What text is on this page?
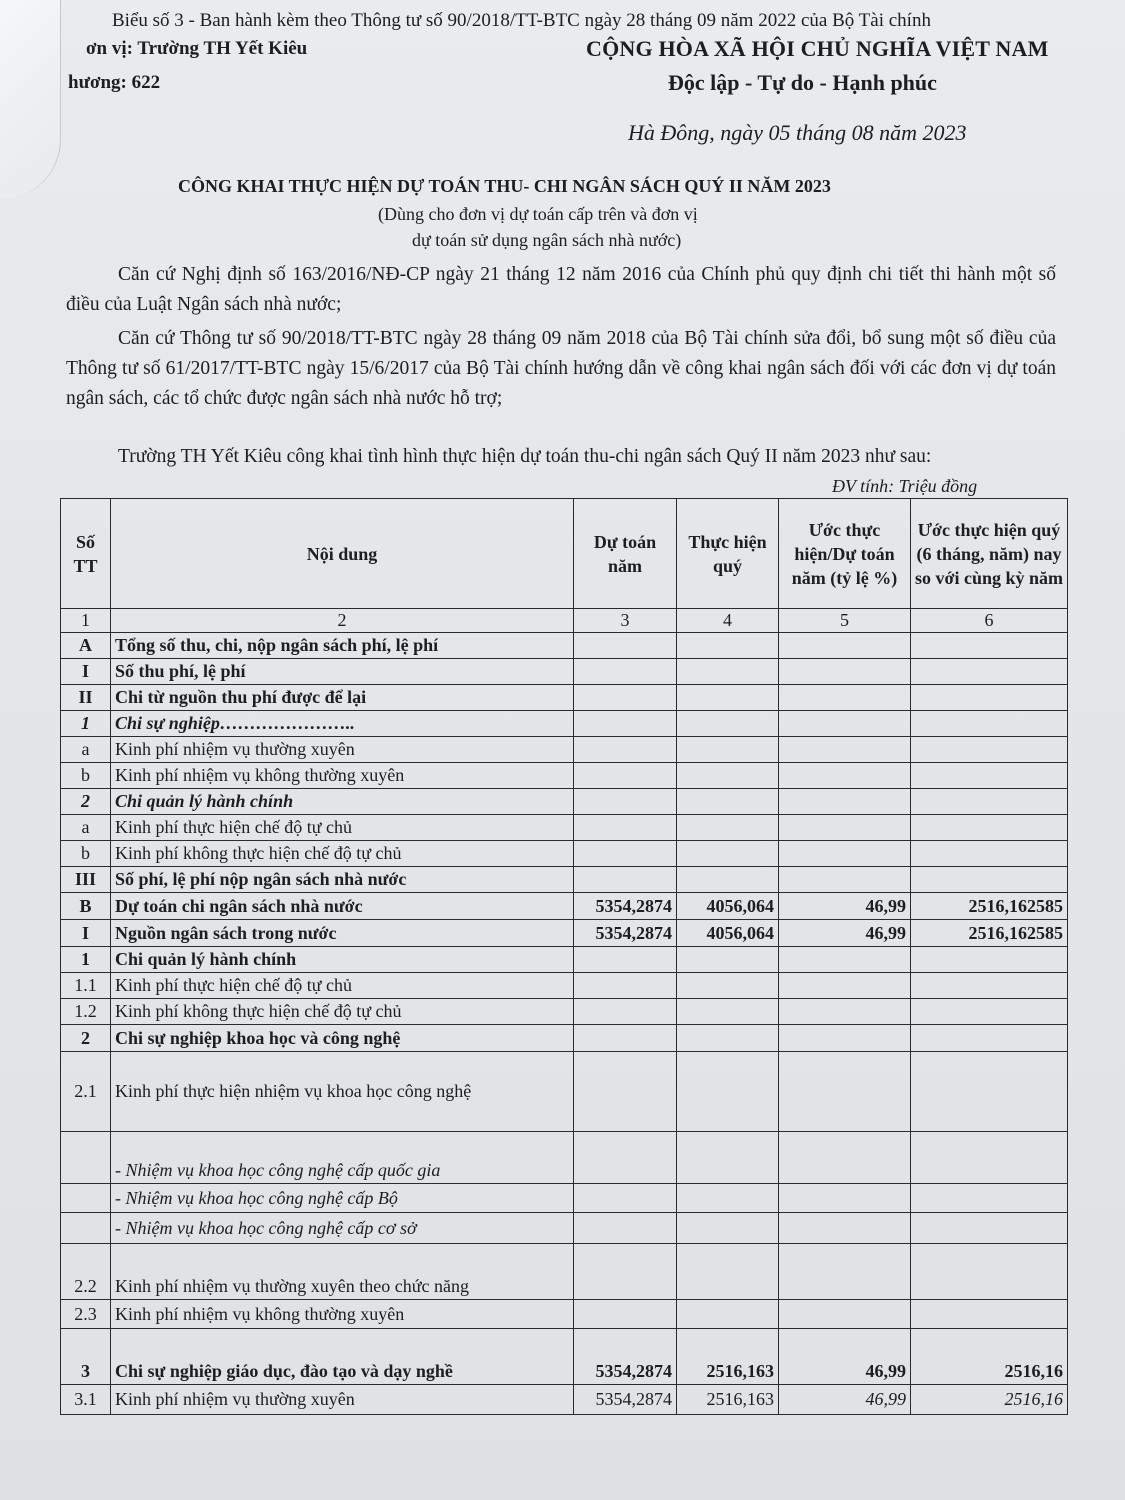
Biểu số 3 - Ban hành kèm theo Thông tư số 90/2018/TT-BTC ngày 28 tháng 09 năm 2022 của Bộ Tài chính
ơn vị: Trường TH Yết Kiêu
hương: 622
CỘNG HÒA XÃ HỘI CHỦ NGHĨA VIỆT NAM
Độc lập - Tự do - Hạnh phúc
Hà Đông, ngày 05 tháng 08 năm 2023
CÔNG KHAI THỰC HIỆN DỰ TOÁN THU- CHI NGÂN SÁCH QUÝ II NĂM 2023
(Dùng cho đơn vị dự toán cấp trên và đơn vị
dự toán sử dụng ngân sách nhà nước)
Căn cứ Nghị định số 163/2016/NĐ-CP ngày 21 tháng 12 năm 2016 của Chính phủ quy định chi tiết thi hành một số điều của Luật Ngân sách nhà nước;
Căn cứ Thông tư số 90/2018/TT-BTC ngày 28 tháng 09 năm 2018 của Bộ Tài chính sửa đổi, bổ sung một số điều của Thông tư số 61/2017/TT-BTC ngày 15/6/2017 của Bộ Tài chính hướng dẫn về công khai ngân sách đối với các đơn vị dự toán ngân sách, các tổ chức được ngân sách nhà nước hỗ trợ;
Trường TH Yết Kiêu công khai tình hình thực hiện dự toán thu-chi ngân sách Quý II năm 2023 như sau:
ĐV tính: Triệu đồng
Số TT	Nội dung	Dự toán năm	Thực hiện quý	Ước thực hiện/Dự toán năm (tỷ lệ %)	Ước thực hiện quý (6 tháng, năm) nay so với cùng kỳ năm
1	2	3	4	5	6
A	Tổng số thu, chi, nộp ngân sách phí, lệ phí				
I	Số thu phí, lệ phí				
II	Chi từ nguồn thu phí được để lại				
1	Chi sự nghiệp…………………..				
a	Kinh phí nhiệm vụ thường xuyên				
b	Kinh phí nhiệm vụ không thường xuyên				
2	Chi quản lý hành chính				
a	Kinh phí thực hiện chế độ tự chủ				
b	Kinh phí không thực hiện chế độ tự chủ				
III	Số phí, lệ phí nộp ngân sách nhà nước				
B	Dự toán chi ngân sách nhà nước	5354,2874	4056,064	46,99	2516,162585
I	Nguồn ngân sách trong nước	5354,2874	4056,064	46,99	2516,162585
1	Chi quản lý hành chính				
1.1	Kinh phí thực hiện chế độ tự chủ				
1.2	Kinh phí không thực hiện chế độ tự chủ				
2	Chi sự nghiệp khoa học và công nghệ				
2.1	Kinh phí thực hiện nhiệm vụ khoa học công nghệ				
	- Nhiệm vụ khoa học công nghệ cấp quốc gia				
	- Nhiệm vụ khoa học công nghệ cấp Bộ				
	- Nhiệm vụ khoa học công nghệ cấp cơ sở				
2.2	Kinh phí nhiệm vụ thường xuyên theo chức năng				
2.3	Kinh phí nhiệm vụ không thường xuyên				
3	Chi sự nghiệp giáo dục, đào tạo và dạy nghề	5354,2874	2516,163	46,99	2516,16
3.1	Kinh phí nhiệm vụ thường xuyên	5354,2874	2516,163	46,99	2516,16
